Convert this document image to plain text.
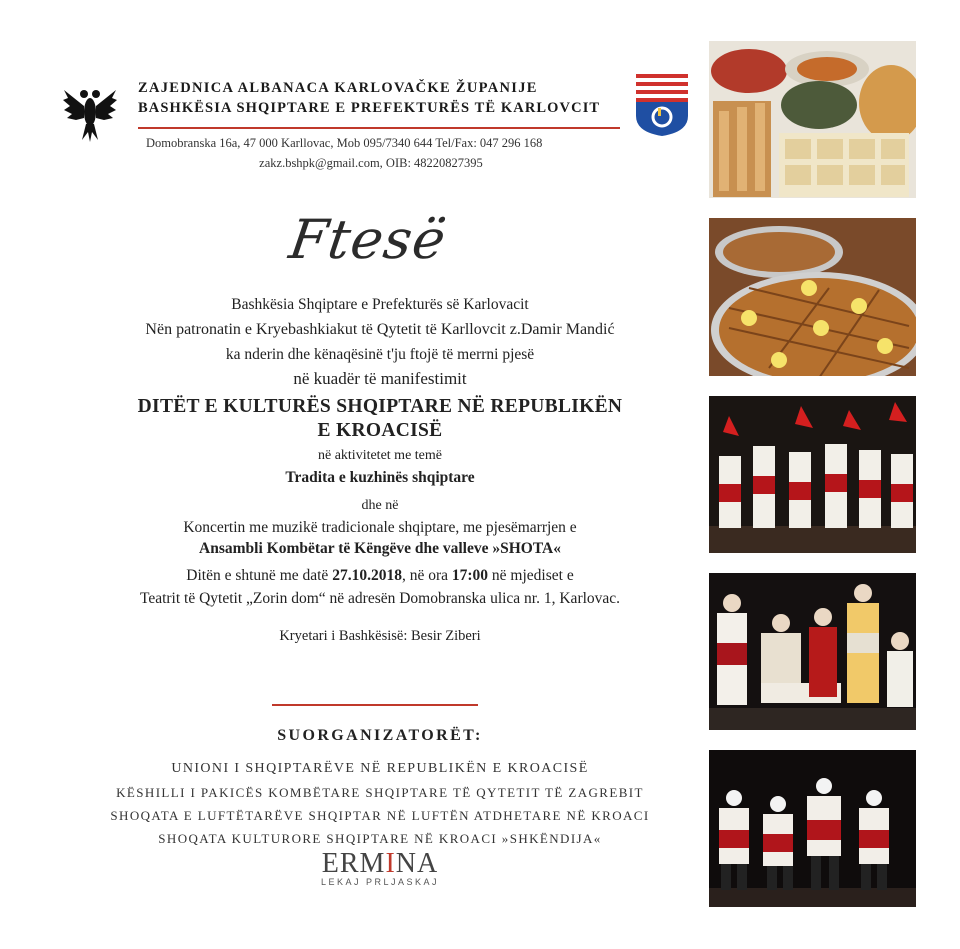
ZAJEDNICA ALBANACA KARLOVAČKE ŽUPANIJE
BASHKËSIA SHQIPTARE E PREFEKTURËS TË KARLOVCIT
Domobranska 16a, 47 000 Karllovac, Mob 095/7340 644 Tel/Fax: 047 296 168
zakz.bshpk@gmail.com, OIB: 48220827395
Ftesë
Bashkësia Shqiptare e Prefekturës së Karlovacit
Nën patronatin e Kryebashkiakut të Qytetit të Karllovcit z.Damir Mandić
ka nderin dhe kënaqësinë t'ju ftojë të merrni pjesë
në kuadër të manifestimit
DITËT E KULTURËS SHQIPTARE NË REPUBLIKËN
E KROACISË
në aktivitetet me temë
Tradita e kuzhinës shqiptare
dhe në
Koncertin me muzikë tradicionale shqiptare, me pjesëmarrjen e
Ansambli Kombëtar të Këngëve dhe valleve »SHOTA«
Ditën e shtunë me datë 27.10.2018, në ora 17:00 në mjediset e
Teatrit të Qytetit „Zorin dom“ në adresën Domobranska ulica nr. 1, Karlovac.
Kryetari i Bashkësisë: Besir Ziberi
SUORGANIZATORËT:
UNIONI I SHQIPTARËVE NË REPUBLIKËN E KROACISË
KËSHILLI I PAKICËS KOMBËTARE SHQIPTARE TË QYTETIT TË ZAGREBIT
SHOQATA E LUFTËTARËVE SHQIPTAR NË LUFTËN ATDHETARE NË KROACI
SHOQATA KULTURORE SHQIPTARE NË KROACI »SHKËNDIJA«
ERMINA
LEKAJ PRLJASKAJ
